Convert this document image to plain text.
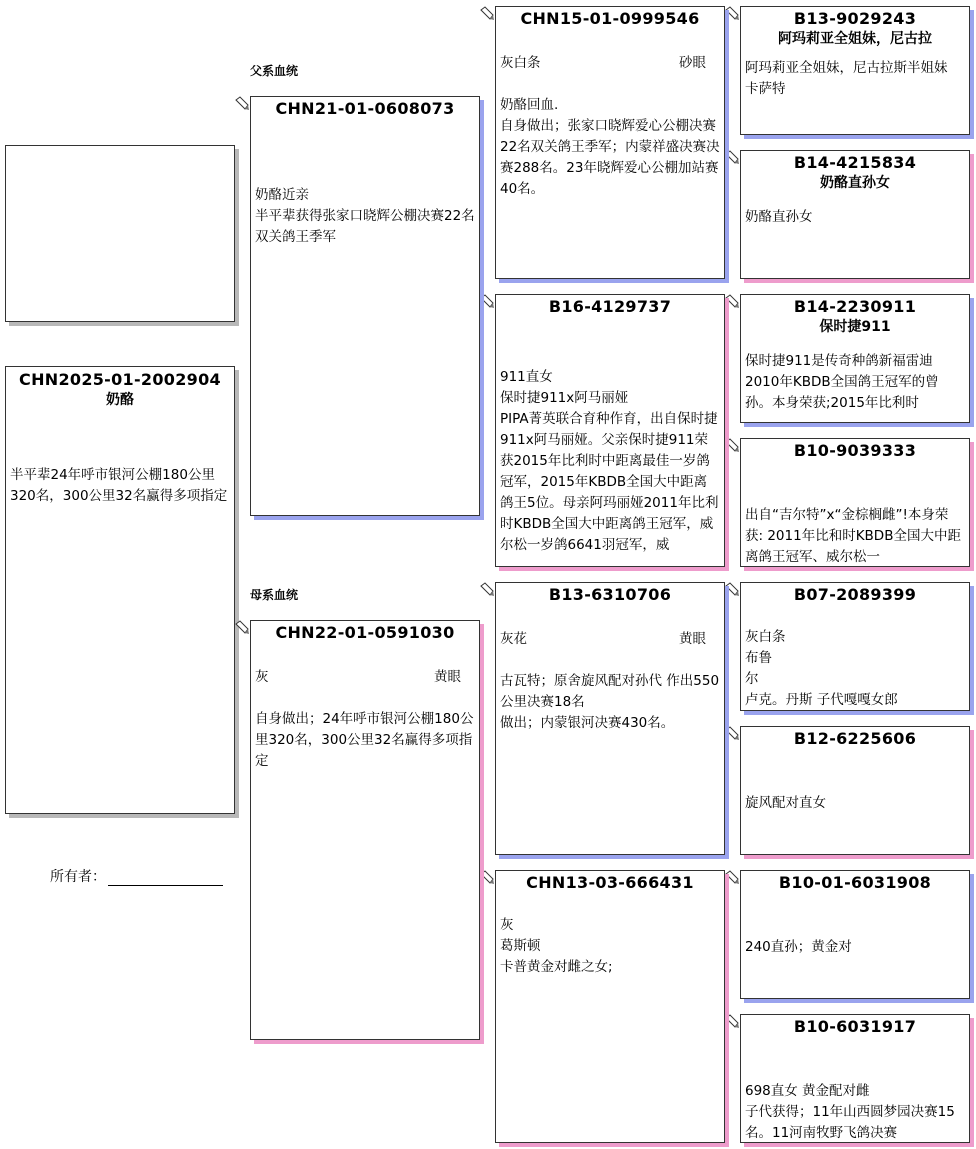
CHN2025-01-2002904
奶酪
半平辈24年呼市银河公棚180公里320名，300公里32名赢得多项指定
所有者：
父系血统
母系血统
CHN21-01-0608073
奶酪近亲
半平辈获得张家口晓辉公棚决赛22名双关鸽王季军
CHN22-01-0591030
灰	黄眼
自身做出；24年呼市银河公棚180公里320名，300公里32名赢得多项指定
CHN15-01-0999546
灰白条	砂眼
奶酪回血.
自身做出；张家口晓辉爱心公棚决赛22名双关鸽王季军；内蒙祥盛决赛决赛288名。23年晓辉爱心公棚加站赛40名。
B16-4129737
911直女
保时捷911x阿马丽娅
PIPA菁英联合育种作育，出自保时捷911x阿马丽娅。父亲保时捷911荣获2015年比利时中距离最佳一岁鸽冠军，2015年KBDB全国大中距离鸽王5位。母亲阿玛丽娅2011年比利时KBDB全国大中距离鸽王冠军，威尔松一岁鸽6641羽冠军，威
B13-6310706
灰花	黄眼
古瓦特；原舍旋风配对孙代 作出550公里决赛18名
做出；内蒙银河决赛430名。
CHN13-03-666431
灰
葛斯顿
卡普黄金对雌之女;
B13-9029243
阿玛莉亚全姐妹，尼古拉
阿玛莉亚全姐妹，尼古拉斯半姐妹
卡萨特
B14-4215834
奶酪直孙女
奶酪直孙女
B14-2230911
保时捷911
保时捷911是传奇种鸽新福雷迪2010年KBDB全国鸽王冠军的曾孙。本身荣获;2015年比利时
B10-9039333
出自“吉尔特”x“金棕榈雌”!本身荣获: 2011年比和时KBDB全国大中距离鸽王冠军、威尔松一
B07-2089399
灰白条
布鲁
尔
卢克。丹斯 子代嘎嘎女郎
B12-6225606
旋风配对直女
B10-01-6031908
240直孙；黄金对
B10-6031917
698直女 黄金配对雌
子代获得；11年山西圆梦园决赛15名。11河南牧野飞鸽决赛
